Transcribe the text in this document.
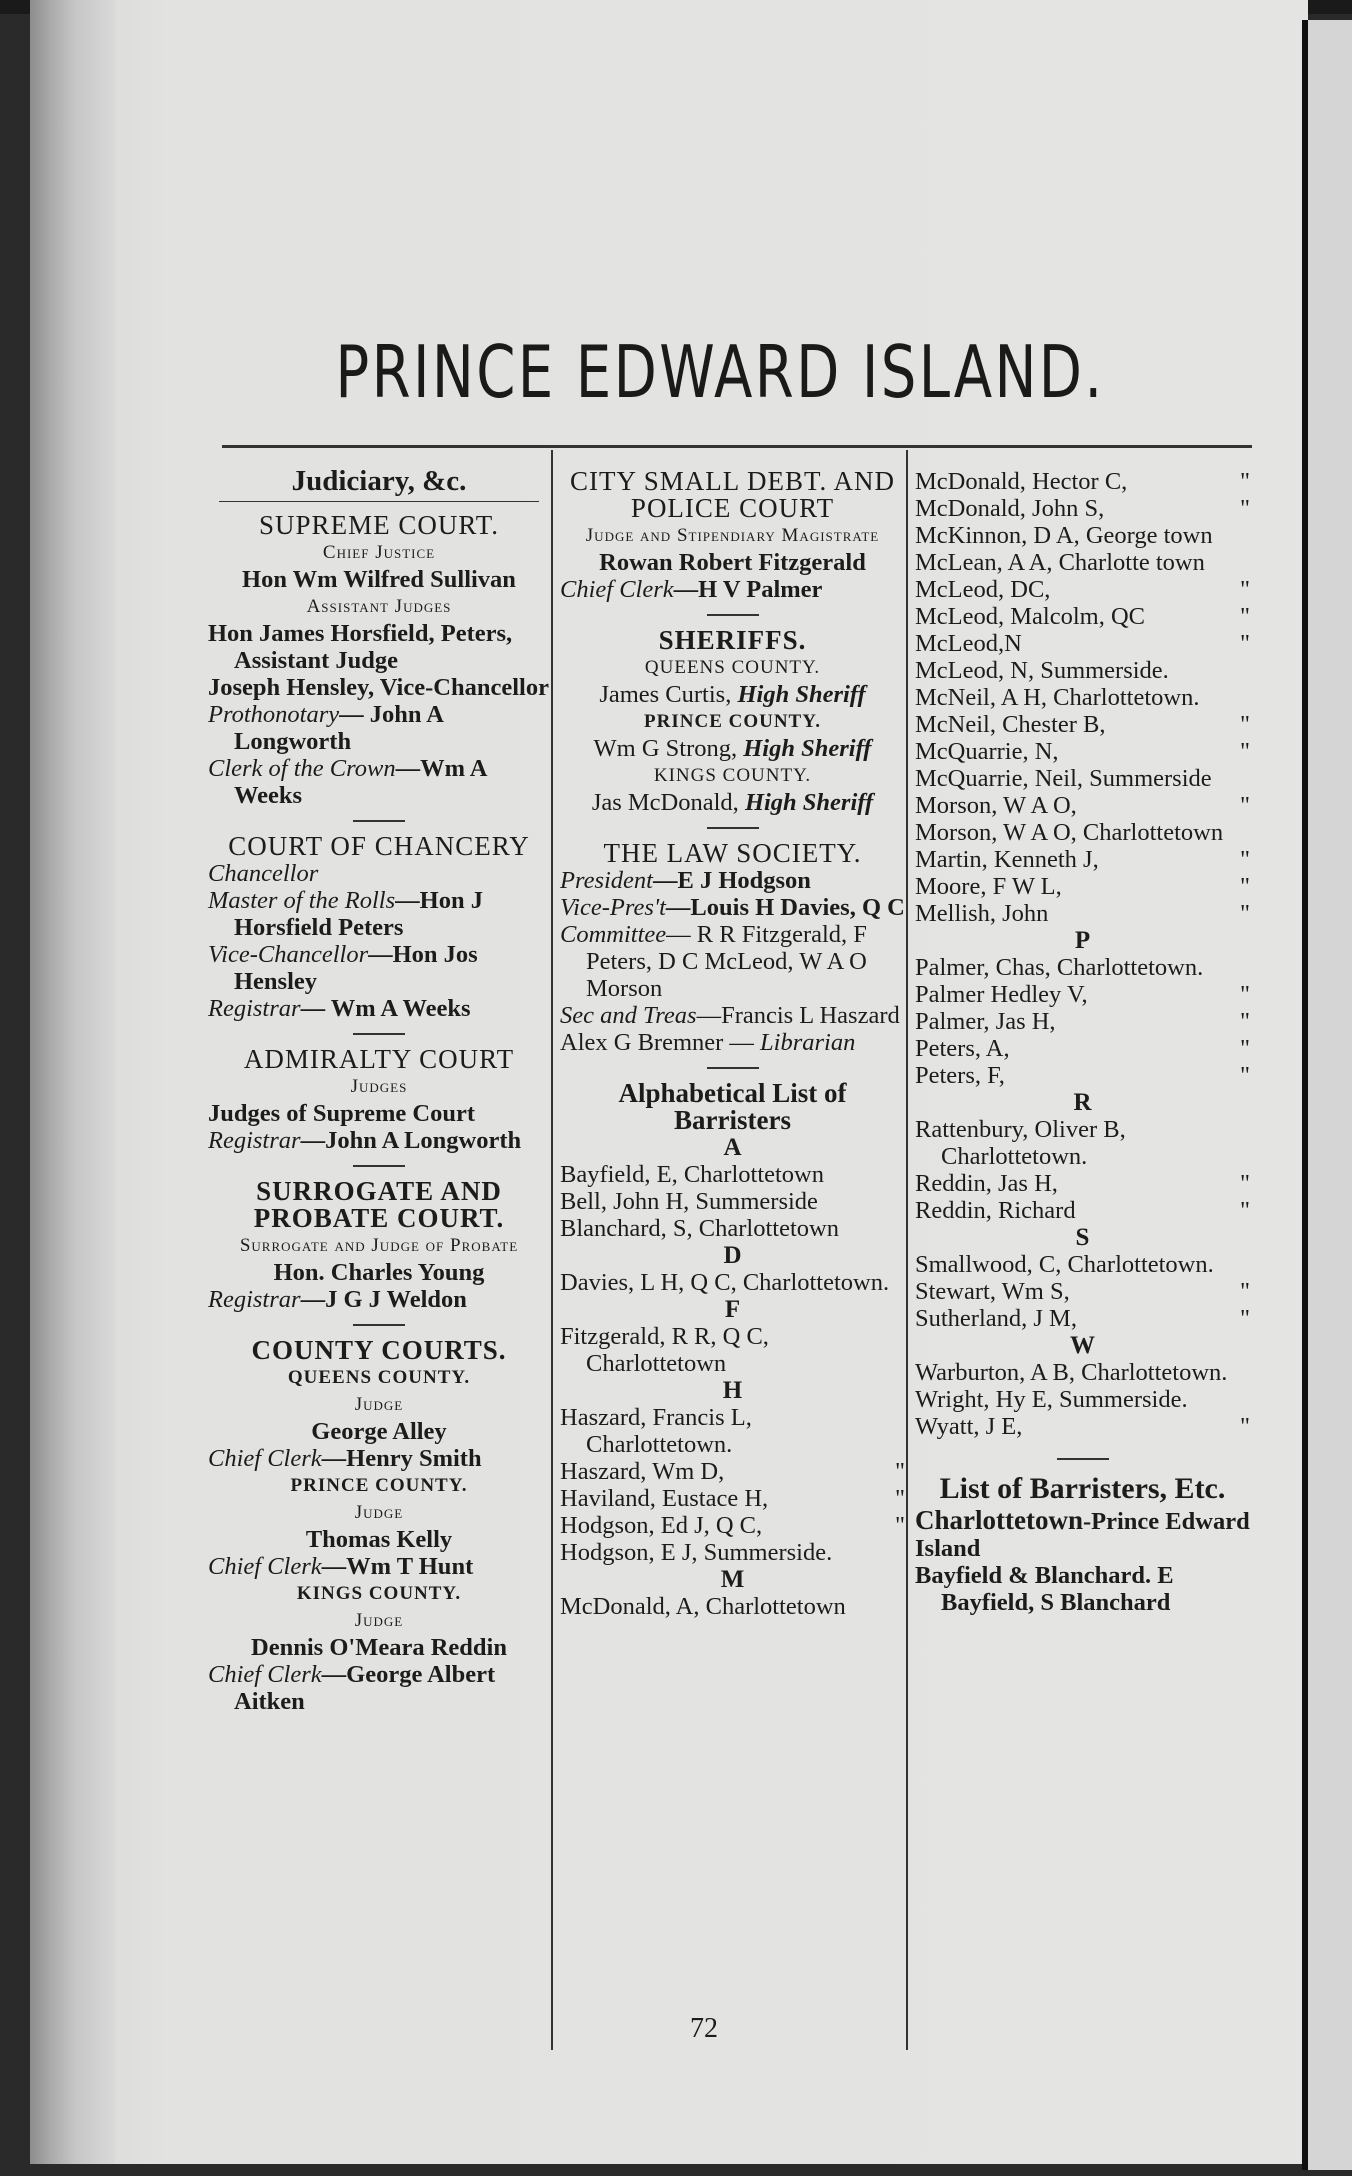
PRINCE EDWARD ISLAND.
Judiciary, &c.
SUPREME COURT.
Chief Justice
Hon Wm Wilfred Sullivan
Assistant Judges
Hon James Horsfield, Peters, Assistant Judge
Joseph Hensley, Vice-Chancellor
Prothonotary— John A Longworth
Clerk of the Crown—Wm A Weeks
COURT OF CHANCERY
Chancellor
Master of the Rolls—Hon J Horsfield Peters
Vice-Chancellor—Hon Jos Hensley
Registrar— Wm A Weeks
ADMIRALTY COURT
Judges
Judges of Supreme Court
Registrar—John A Longworth
SURROGATE AND PROBATE COURT.
Surrogate and Judge of Probate
Hon. Charles Young
Registrar—J G J Weldon
COUNTY COURTS.
QUEENS COUNTY.
Judge
George Alley
Chief Clerk—Henry Smith
PRINCE COUNTY.
Judge
Thomas Kelly
Chief Clerk—Wm T Hunt
KINGS COUNTY.
Judge
Dennis O'Meara Reddin
Chief Clerk—George Albert Aitken
CITY SMALL DEBT. AND POLICE COURT
Judge and Stipendiary Magistrate
Rowan Robert Fitzgerald
Chief Clerk—H V Palmer
SHERIFFS.
QUEENS COUNTY.
James Curtis, High Sheriff
PRINCE COUNTY.
Wm G Strong, High Sheriff
KINGS COUNTY.
Jas McDonald, High Sheriff
THE LAW SOCIETY.
President—E J Hodgson
Vice-Pres't—Louis H Davies, Q C
Committee— R R Fitzgerald, F Peters, D C McLeod, W A O Morson
Sec and Treas—Francis L Haszard
Alex G Bremner — Librarian
Alphabetical List of Barristers
A
Bayfield, E, Charlottetown
Bell, John H, Summerside
Blanchard, S, Charlottetown
D
Davies, L H, Q C, Charlottetown.
F
Fitzgerald, R R, Q C, Charlottetown
H
Haszard, Francis L, Charlottetown.
Haszard, Wm D,	"
Haviland, Eustace H,	"
Hodgson, Ed J, Q C,	"
Hodgson, E J, Summerside.
M
McDonald, A, Charlottetown
McDonald, Hector C,	"
McDonald, John S,	"
McKinnon, D A, George town
McLean, A A, Charlotte town
McLeod, DC,	"
McLeod, Malcolm, QC	"
McLeod,N	"
McLeod, N, Summerside.
McNeil, A H, Charlottetown.
McNeil, Chester B,	"
McQuarrie, N,	"
McQuarrie, Neil, Summerside
Morson, W A O,	"
Morson, W A O, Charlottetown
Martin, Kenneth J,	"
Moore, F W L,	"
Mellish, John	"
P
Palmer, Chas, Charlottetown.
Palmer Hedley V,	"
Palmer, Jas H,	"
Peters, A,	"
Peters, F,	"
R
Rattenbury, Oliver B, Charlottetown.
Reddin, Jas H,	"
Reddin, Richard	"
S
Smallwood, C, Charlottetown.
Stewart, Wm S,	"
Sutherland, J M,	"
W
Warburton, A B, Charlottetown.
Wright, Hy E, Summerside.
Wyatt, J E,	"
List of Barristers, Etc.
Charlottetown-Prince Edward Island
Bayfield & Blanchard. E Bayfield, S Blanchard
72
